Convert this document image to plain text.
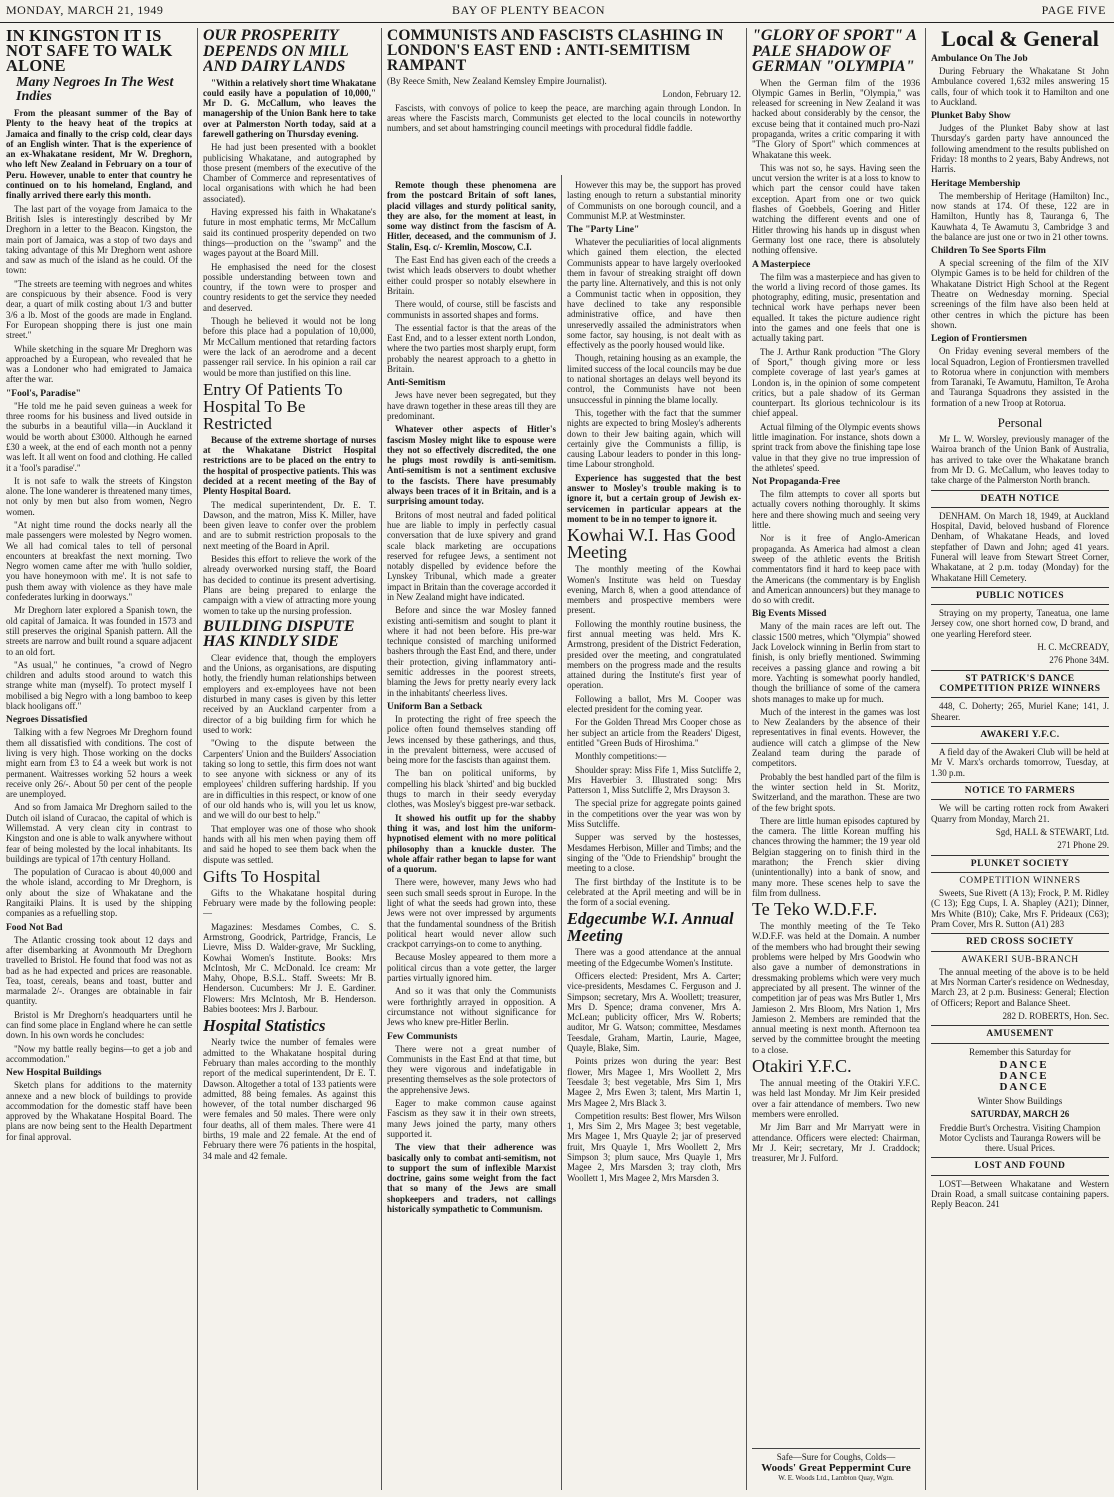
MONDAY, MARCH 21, 1949	BAY OF PLENTY BEACON	PAGE FIVE
IN KINGSTON IT IS NOT SAFE TO WALK ALONE
Many Negroes In The West Indies

From the pleasant summer of the Bay of Plenty to the heavy heat of the tropics at Jamaica and finally to the crisp cold, clear days of an English winter. That is the experience of an ex-Whakatane resident, Mr W. Dreghorn, who left New Zealand in February on a tour of Peru. However, unable to enter that country he continued on to his homeland, England, and finally arrived there early this month.

The last part of the voyage from Jamaica to the British Isles is interestingly described by Mr Dreghorn in a letter to the Beacon. Kingston, the main port of Jamaica, was a stop of two days and taking advantage of this Mr Dreghorn went ashore and saw as much of the island as he could. Of the town:

"The streets are teeming with negroes and whites are conspicuous by their absence. Food is very dear, a quart of milk costing about 1/3 and butter 3/6 a lb. Most of the goods are made in England. For European shopping there is just one main street."

While sketching in the square Mr Dreghorn was approached by a European, who revealed that he was a Londoner who had emigrated to Jamaica after the war.

"Fool's, Paradise"

"He told me he paid seven guineas a week for three rooms for his business and lived outside in the suburbs in a beautiful villa—in Auckland it would be worth about £3000. Although he earned £30 a week, at the end of each month not a penny was left. It all went on food and clothing. He called it a 'fool's paradise'."

It is not safe to walk the streets of Kingston alone. The lone wanderer is threatened many times, not only by men but also from women, Negro women.

"At night time round the docks nearly all the male passengers were molested by Negro women. We all had comical tales to tell of personal encounters at breakfast the next morning. Two Negro women came after me with 'hullo soldier, you have honeymoon with me'. It is not safe to push them away with violence as they have male confederates lurking in doorways."

Mr Dreghorn later explored a Spanish town, the old capital of Jamaica. It was founded in 1573 and still preserves the original Spanish pattern. All the streets are narrow and built round a square adjacent to an old fort.

"As usual," he continues, "a crowd of Negro children and adults stood around to watch this strange white man (myself). To protect myself I mobilised a big Negro with a long bamboo to keep black hooligans off."

Negroes Dissatisfied

Talking with a few Negroes Mr Dreghorn found them all dissatisfied with conditions. The cost of living is very high. Those working on the docks might earn from £3 to £4 a week but work is not permanent. Waitresses working 52 hours a week receive only 26/-. About 50 per cent of the people are unemployed.

And so from Jamaica Mr Dreghorn sailed to the Dutch oil island of Curacao, the capital of which is Willemstad. A very clean city in contrast to Kingston and one is able to walk anywhere without fear of being molested by the local inhabitants. Its buildings are typical of 17th century Holland.

The population of Curacao is about 40,000 and the whole island, according to Mr Dreghorn, is only about the size of Whakatane and the Rangitaiki Plains. It is used by the shipping companies as a refuelling stop.

Food Not Bad

The Atlantic crossing took about 12 days and after disembarking at Avonmouth Mr Dreghorn travelled to Bristol. He found that food was not as bad as he had expected and prices are reasonable. Tea, toast, cereals, beans and toast, butter and marmalade 2/-. Oranges are obtainable in fair quantity.

Bristol is Mr Dreghorn's headquarters until he can find some place in England where he can settle down. In his own words he concludes:

"Now my battle really begins—to get a job and accommodation."

New Hospital Buildings

Sketch plans for additions to the maternity annexe and a new block of buildings to provide accommodation for the domestic staff have been approved by the Whakatane Hospital Board. The plans are now being sent to the Health Department for final approval.

OUR PROSPERITY DEPENDS ON MILL AND DAIRY LANDS

"Within a relatively short time Whakatane could easily have a population of 10,000," Mr D. G. McCallum, who leaves the managership of the Union Bank here to take over at Palmerston North today, said at a farewell gathering on Thursday evening.

He had just been presented with a booklet publicising Whakatane, and autographed by those present (members of the executive of the Chamber of Commerce and representatives of local organisations with which he had been associated).

Having expressed his faith in Whakatane's future in most emphatic terms, Mr McCallum said its continued prosperity depended on two things—production on the "swamp" and the wages payout at the Board Mill.

He emphasised the need for the closest possible understanding between town and country, if the town were to prosper and country residents to get the service they needed and deserved.

Though he believed it would not be long before this place had a population of 10,000, Mr McCallum mentioned that retarding factors were the lack of an aerodrome and a decent passenger rail service. In his opinion a rail car would be more than justified on this line.

Entry Of Patients To Hospital To Be Restricted

Because of the extreme shortage of nurses at the Whakatane District Hospital restrictions are to be placed on the entry to the hospital of prospective patients. This was decided at a recent meeting of the Bay of Plenty Hospital Board.

The medical superintendent, Dr. E. T. Dawson, and the matron, Miss K. Miller, have been given leave to confer over the problem and are to submit restriction proposals to the next meeting of the Board in April.

Besides this effort to relieve the work of the already overworked nursing staff, the Board has decided to continue its present advertising. Plans are being prepared to enlarge the campaign with a view of attracting more young women to take up the nursing profession.

BUILDING DISPUTE HAS KINDLY SIDE

Clear evidence that, though the employers and the Unions, as organisations, are disputing hotly, the friendly human relationships between employers and ex-employees have not been disturbed in many cases is given by this letter received by an Auckland carpenter from a director of a big building firm for which he used to work:

"Owing to the dispute between the Carpenters' Union and the Builders' Association taking so long to settle, this firm does not want to see anyone with sickness or any of its employees' children suffering hardship. If you are in difficulties in this respect, or know of one of our old hands who is, will you let us know, and we will do our best to help."

That employer was one of those who shook hands with all his men when paying them off and said he hoped to see them back when the dispute was settled.

Gifts To Hospital

Gifts to the Whakatane hospital during February were made by the following people:—

Magazines: Mesdames Combes, C. S. Armstrong, Goodrick, Partridge, Francis, Le Lievre, Miss D. Walder-grave, Mr Suckling, Kowhai Women's Institute. Books: Mrs McIntosh, Mr C. McDonald. Ice cream: Mr Mahy, Ohope, B.S.L. Staff. Sweets: Mr B. Henderson. Cucumbers: Mr J. E. Gardiner. Flowers: Mrs McIntosh, Mr B. Henderson. Babies bootees: Mrs J. Barbour.

Hospital Statistics

Nearly twice the number of females were admitted to the Whakatane hospital during February than males according to the monthly report of the medical superintendent, Dr E. T. Dawson. Altogether a total of 133 patients were admitted, 88 being females. As against this however, of the total number discharged 96 were females and 50 males. There were only four deaths, all of them males. There were 41 births, 19 male and 22 female. At the end of February there were 76 patients in the hospital, 34 male and 42 female.

COMMUNISTS AND FASCISTS CLASHING IN LONDON'S EAST END : ANTI-SEMITISM RAMPANT

(By Reece Smith, New Zealand Kemsley Empire Journalist).

London, February 12.

Fascists, with convoys of police to keep the peace, are marching again through London. In areas where the Fascists march, Communists get elected to the local councils in noteworthy numbers, and set about hamstringing council meetings with procedural fiddle faddle.

Remote though these phenomena are from the postcard Britain of soft lanes, placid villages and sturdy political sanity, they are also, for the moment at least, in some way distinct from the fascism of A. Hitler, deceased, and the communism of J. Stalin, Esq. c/- Kremlin, Moscow, C.I.

The East End has given each of the creeds a twist which leads observers to doubt whether either could prosper so notably elsewhere in Britain.

There would, of course, still be fascists and communists in assorted shapes and forms.

The essential factor is that the areas of the East End, and to a lesser extent north London, where the two parties most sharply erupt, form probably the nearest approach to a ghetto in Britain.

Anti-Semitism

Jews have never been segregated, but they have drawn together in these areas till they are predominant.

Whatever other aspects of Hitler's fascism Mosley might like to espouse were they not so effectively discredited, the one he plugs most rowdily is anti-semitism. Anti-semitism is not a sentiment exclusive to the fascists. There have presumably always been traces of it in Britain, and is a surprising amount today.

Britons of most neutral and faded political hue are liable to imply in perfectly casual conversation that de luxe spivery and grand scale black marketing are occupations reserved for refugee Jews, a sentiment not notably dispelled by evidence before the Lynskey Tribunal, which made a greater impact in Britain than the coverage accorded it in New Zealand might have indicated.

Before and since the war Mosley fanned existing anti-semitism and sought to plant it where it had not been before. His pre-war technique consisted of marching uniformed bashers through the East End, and there, under their protection, giving inflammatory anti-semitic addresses in the poorest streets, blaming the Jews for pretty nearly every lack in the inhabitants' cheerless lives.

Uniform Ban a Setback

In protecting the right of free speech the police often found themselves standing off Jews incensed by these gatherings, and thus, in the prevalent bitterness, were accused of being more for the fascists than against them.

The ban on political uniforms, by compelling his black 'shirted' and big buckled thugs to march in their seedy everyday clothes, was Mosley's biggest pre-war setback.

It showed his outfit up for the shabby thing it was, and lost him the uniform-hypnotised element with no more political philosophy than a knuckle duster. The whole affair rather began to lapse for want of a quorum.

There were, however, many Jews who had seen such small seeds sprout in Europe. In the light of what the seeds had grown into, these Jews were not over impressed by arguments that the fundamental soundness of the British political heart would never allow such crackpot carryings-on to come to anything.

Because Mosley appeared to them more a political circus than a vote getter, the larger parties virtually ignored him.

And so it was that only the Communists were forthrightly arrayed in opposition. A circumstance not without significance for Jews who knew pre-Hitler Berlin.

Few Communists

There were not a great number of Communists in the East End at that time, but they were vigorous and indefatigable in presenting themselves as the sole protectors of the apprehensive Jews.

Eager to make common cause against Fascism as they saw it in their own streets, many Jews joined the party, many others supported it.

The view that their adherence was basically only to combat anti-semitism, not to support the sum of inflexible Marxist doctrine, gains some weight from the fact that so many of the Jews are small shopkeepers and traders, not callings historically sympathetic to Communism.

However this may be, the support has proved lasting enough to return a substantial minority of Communists on one borough council, and a Communist M.P. at Westminster.

The "Party Line"

Whatever the peculiarities of local alignments which gained them election, the elected Communists appear to have largely overlooked them in favour of streaking straight off down the party line. Alternatively, and this is not only a Communist tactic when in opposition, they have declined to take any responsible administrative office, and have then unreservedly assailed the administrators when some factor, say housing, is not dealt with as effectively as the poorly housed would like.

Though, retaining housing as an example, the limited success of the local councils may be due to national shortages an delays well beyond its control, the Communists have not been unsuccessful in pinning the blame locally.

This, together with the fact that the summer nights are expected to bring Mosley's adherents down to their Jew baiting again, which will certainly give the Communists a fillip, is causing Labour leaders to ponder in this long-time Labour stronghold.

Experience has suggested that the best answer to Mosley's trouble making is to ignore it, but a certain group of Jewish ex-servicemen in particular appears at the moment to be in no temper to ignore it.

Kowhai W.I. Has Good Meeting

The monthly meeting of the Kowhai Women's Institute was held on Tuesday evening, March 8, when a good attendance of members and prospective members were present.

Following the monthly routine business, the first annual meeting was held. Mrs K. Armstrong, president of the District Federation, presided over the meeting, and congratulated members on the progress made and the results attained during the Institute's first year of operation.

Following a ballot, Mrs M. Cooper was elected president for the coming year.

For the Golden Thread Mrs Cooper chose as her subject an article from the Readers' Digest, entitled "Green Buds of Hiroshima."

Monthly competitions:—

Shoulder spray: Miss Fife 1, Miss Sutcliffe 2, Mrs Haverbier 3. Illustrated song: Mrs Patterson 1, Miss Sutcliffe 2, Mrs Drayson 3.

The special prize for aggregate points gained in the competitions over the year was won by Miss Sutcliffe.

Supper was served by the hostesses, Mesdames Herbison, Miller and Timbs; and the singing of the "Ode to Friendship" brought the meeting to a close.

The first birthday of the Institute is to be celebrated at the April meeting and will be in the form of a social evening.

Edgecumbe W.I. Annual Meeting

There was a good attendance at the annual meeting of the Edgecumbe Women's Institute.

Officers elected: President, Mrs A. Carter; vice-presidents, Mesdames C. Ferguson and J. Simpson; secretary, Mrs A. Woollett; treasurer, Mrs D. Spence; drama convener, Mrs A. McLean; publicity officer, Mrs W. Roberts; auditor, Mr G. Watson; committee, Mesdames Teesdale, Graham, Martin, Laurie, Magee, Quayle, Blake, Sim.

Points prizes won during the year: Best flower, Mrs Magee 1, Mrs Woollett 2, Mrs Teesdale 3; best vegetable, Mrs Sim 1, Mrs Magee 2, Mrs Ewen 3; talent, Mrs Martin 1, Mrs Magee 2, Mrs Black 3.

Competition results: Best flower, Mrs Wilson 1, Mrs Sim 2, Mrs Magee 3; best vegetable, Mrs Magee 1, Mrs Quayle 2; jar of preserved fruit, Mrs Quayle 1, Mrs Woollett 2, Mrs Simpson 3; plum sauce, Mrs Quayle 1, Mrs Magee 2, Mrs Marsden 3; tray cloth, Mrs Woollett 1, Mrs Magee 2, Mrs Marsden 3.

"GLORY OF SPORT" A PALE SHADOW OF GERMAN "OLYMPIA"

When the German film of the 1936 Olympic Games in Berlin, "Olympia," was released for screening in New Zealand it was hacked about considerably by the censor, the excuse being that it contained much pro-Nazi propaganda, writes a critic comparing it with "The Glory of Sport" which commences at Whakatane this week.

This was not so, he says. Having seen the uncut version the writer is at a loss to know to which part the censor could have taken exception. Apart from one or two quick flashes of Goebbels, Goering and Hitler watching the different events and one of Hitler throwing his hands up in disgust when Germany lost one race, there is absolutely nothing offensive.

A Masterpiece

The film was a masterpiece and has given to the world a living record of those games. Its photography, editing, music, presentation and technical work have perhaps never been equalled. It takes the picture audience right into the games and one feels that one is actually taking part.

The J. Arthur Rank production "The Glory of Sport," though giving more or less complete coverage of last year's games at London is, in the opinion of some competent critics, but a pale shadow of its German counterpart. Its glorious technicolour is its chief appeal.

Actual filming of the Olympic events shows little imagination. For instance, shots down a sprint track from above the finishing tape lose value in that they give no true impression of the athletes' speed.

Not Propaganda-Free

The film attempts to cover all sports but actually covers nothing thoroughly. It skims here and there showing much and seeing very little.

Nor is it free of Anglo-American propaganda. As America had almost a clean sweep of the athletic events the British commentators find it hard to keep pace with the Americans (the commentary is by English and American announcers) but they manage to do so with credit.

Big Events Missed

Many of the main races are left out. The classic 1500 metres, which "Olympia" showed Jack Lovelock winning in Berlin from start to finish, is only briefly mentioned. Swimming receives a passing glance and rowing a bit more. Yachting is somewhat poorly handled, though the brilliance of some of the camera shots manages to make up for much.

Much of the interest in the games was lost to New Zealanders by the absence of their representatives in final events. However, the audience will catch a glimpse of the New Zealand team during the parade of competitors.

Probably the best handled part of the film is the winter section held in St. Moritz, Switzerland, and the marathon. These are two of the few bright spots.

There are little human episodes captured by the camera. The little Korean muffing his chances throwing the hammer; the 19 year old Belgian staggering on to finish third in the marathon; the French skier diving (unintentionally) into a bank of snow, and many more. These scenes help to save the film from dullness.

Te Teko W.D.F.F.

The monthly meeting of the Te Teko W.D.F.F. was held at the Domain. A number of the members who had brought their sewing problems were helped by Mrs Goodwin who also gave a number of demonstrations in dressmaking problems which were very much appreciated by all present. The winner of the competition jar of peas was Mrs Butler 1, Mrs Jamieson 2. Mrs Bloom, Mrs Nation 1, Mrs Jamieson 2. Members are reminded that the annual meeting is next month. Afternoon tea served by the committee brought the meeting to a close.

Otakiri Y.F.C.

The annual meeting of the Otakiri Y.F.C. was held last Monday. Mr Jim Keir presided over a fair attendance of members. Two new members were enrolled.

Mr Jim Barr and Mr Marryatt were in attendance. Officers were elected: Chairman, Mr J. Keir; secretary, Mr J. Craddock; treasurer, Mr J. Fulford.

Safe—Sure for Coughs, Colds—
Woods' Great Peppermint Cure
W. E. Woods Ltd., Lambton Quay, Wgtn.
Local & General
Ambulance On The Job

During February the Whakatane St John Ambulance covered 1,632 miles answering 15 calls, four of which took it to Hamilton and one to Auckland.

Plunket Baby Show

Judges of the Plunket Baby show at last Thursday's garden party have announced the following amendment to the results published on Friday: 18 months to 2 years, Baby Andrews, not Harris.

Heritage Membership

The membership of Heritage (Hamilton) Inc., now stands at 174. Of these, 122 are in Hamilton, Huntly has 8, Tauranga 6, The Kauwhata 4, Te Awamutu 3, Cambridge 3 and the balance are just one or two in 21 other towns.

Children To See Sports Film

A special screening of the film of the XIV Olympic Games is to be held for children of the Whakatane District High School at the Regent Theatre on Wednesday morning. Special screenings of the film have also been held at other centres in which the picture has been shown.

Legion of Frontiersmen

On Friday evening several members of the local Squadron, Legion of Frontiersmen travelled to Rotorua where in conjunction with members from Taranaki, Te Awamutu, Hamilton, Te Aroha and Tauranga Squadrons they assisted in the formation of a new Troop at Rotorua.

Personal

Mr L. W. Worsley, previously manager of the Wairoa branch of the Union Bank of Australia, has arrived to take over the Whakatane branch from Mr D. G. McCallum, who leaves today to take charge of the Palmerston North branch.

DEATH NOTICE

DENHAM. On March 18, 1949, at Auckland Hospital, David, beloved husband of Florence Denham, of Whakatane Heads, and loved stepfather of Dawn and John; aged 41 years. Funeral will leave from Stewart Street Corner, Whakatane, at 2 p.m. today (Monday) for the Whakatane Hill Cemetery.

PUBLIC NOTICES

Straying on my property, Taneatua, one lame Jersey cow, one short horned cow, D brand, and one yearling Hereford steer.

H. C. McCREADY,

276 Phone 34M.

ST PATRICK'S DANCE COMPETITION PRIZE WINNERS

448, C. Doherty; 265, Muriel Kane; 141, J. Shearer.

AWAKERI Y.F.C.

A field day of the Awakeri Club will be held at Mr V. Marx's orchards tomorrow, Tuesday, at 1.30 p.m.

NOTICE TO FARMERS

We will be carting rotten rock from Awakeri Quarry from Monday, March 21.

Sgd, HALL & STEWART, Ltd.

271 Phone 29.

PLUNKET SOCIETY
COMPETITION WINNERS

Sweets, Sue Rivett (A 13); Frock, P. M. Ridley (C 13); Egg Cups, I. A. Shapley (A21); Dinner, Mrs White (B10); Cake, Mrs F. Prideaux (C63); Pram Cover, Mrs R. Sutton (A1) 283

RED CROSS SOCIETY
AWAKERI SUB-BRANCH

The annual meeting of the above is to be held at Mrs Norman Carter's residence on Wednesday, March 23, at 2 p.m. Business: General; Election of Officers; Report and Balance Sheet.

282 D. ROBERTS, Hon. Sec.

AMUSEMENT

Remember this Saturday for

DANCE

DANCE

DANCE

Winter Show Buildings

SATURDAY, MARCH 26

Freddie Burt's Orchestra. Visiting Champion Motor Cyclists and Tauranga Rowers will be there. Usual Prices.

LOST AND FOUND

LOST—Between Whakatane and Western Drain Road, a small suitcase containing papers. Reply Beacon. 241
